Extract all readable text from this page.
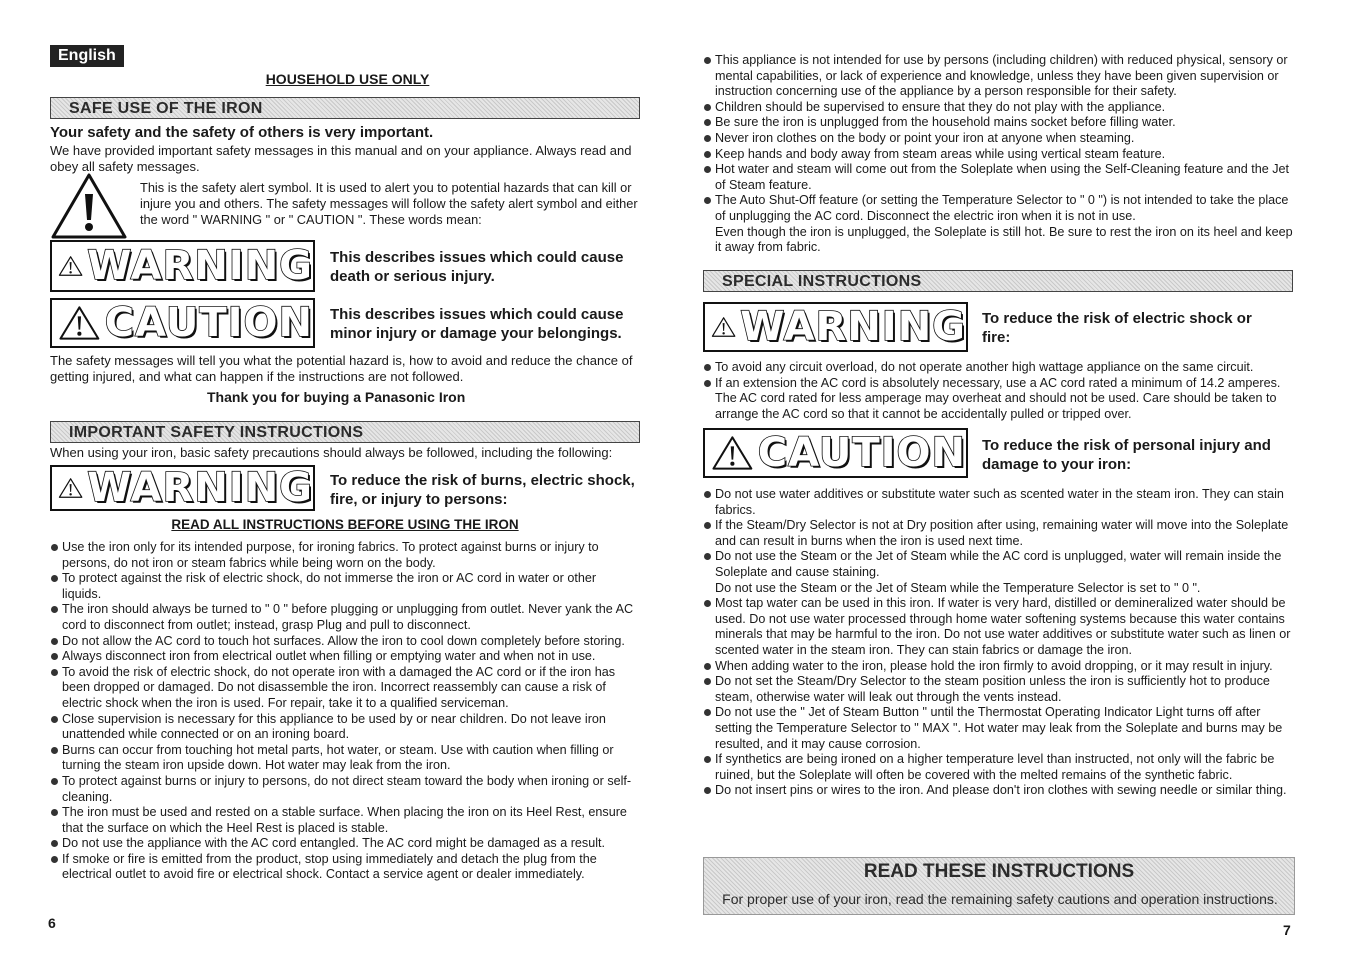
English
HOUSEHOLD USE ONLY
SAFE USE OF THE IRON
Your safety and the safety of others is very important.
We have provided important safety messages in this manual and on your appliance. Always read and obey all safety messages.
This is the safety alert symbol. It is used to alert you to potential hazards that can kill or injure you and others. The safety messages will follow the safety alert symbol and either the word " WARNING " or " CAUTION ". These words mean:
WARNING This describes issues which could cause death or serious injury.
CAUTION This describes issues which could cause minor injury or damage your belongings.
The safety messages will tell you what the potential hazard is, how to avoid and reduce the chance of getting injured, and what can happen if the instructions are not followed.
Thank you for buying a Panasonic Iron
IMPORTANT SAFETY INSTRUCTIONS
When using your iron, basic safety precautions should always be followed, including the following:
WARNING To reduce the risk of burns, electric shock, fire, or injury to persons:
READ ALL INSTRUCTIONS BEFORE USING THE IRON
Use the iron only for its intended purpose, for ironing fabrics. To protect against burns or injury to persons, do not iron or steam fabrics while being worn on the body.
To protect against the risk of electric shock, do not immerse the iron or AC cord in water or other liquids.
The iron should always be turned to " 0 " before plugging or unplugging from outlet. Never yank the AC cord to disconnect from outlet; instead, grasp Plug and pull to disconnect.
Do not allow the AC cord to touch hot surfaces. Allow the iron to cool down completely before storing.
Always disconnect iron from electrical outlet when filling or emptying water and when not in use.
To avoid the risk of electric shock, do not operate iron with a damaged the AC cord or if the iron has been dropped or damaged. Do not disassemble the iron. Incorrect reassembly can cause a risk of electric shock when the iron is used. For repair, take it to a qualified serviceman.
Close supervision is necessary for this appliance to be used by or near children. Do not leave iron unattended while connected or on an ironing board.
Burns can occur from touching hot metal parts, hot water, or steam. Use with caution when filling or turning the steam iron upside down. Hot water may leak from the iron.
To protect against burns or injury to persons, do not direct steam toward the body when ironing or self-cleaning.
The iron must be used and rested on a stable surface. When placing the iron on its Heel Rest, ensure that the surface on which the Heel Rest is placed is stable.
Do not use the appliance with the AC cord entangled. The AC cord might be damaged as a result.
If smoke or fire is emitted from the product, stop using immediately and detach the plug from the electrical outlet to avoid fire or electrical shock. Contact a service agent or dealer immediately.
6
This appliance is not intended for use by persons (including children) with reduced physical, sensory or mental capabilities, or lack of experience and knowledge, unless they have been given supervision or instruction concerning use of the appliance by a person responsible for their safety.
Children should be supervised to ensure that they do not play with the appliance.
Be sure the iron is unplugged from the household mains socket before filling water.
Never iron clothes on the body or point your iron at anyone when steaming.
Keep hands and body away from steam areas while using vertical steam feature.
Hot water and steam will come out from the Soleplate when using the Self-Cleaning feature and the Jet of Steam feature.
The Auto Shut-Off feature (or setting the Temperature Selector to " 0 ") is not intended to take the place of unplugging the AC cord. Disconnect the electric iron when it is not in use.
Even though the iron is unplugged, the Soleplate is still hot. Be sure to rest the iron on its heel and keep it away from fabric.
SPECIAL INSTRUCTIONS
WARNING To reduce the risk of electric shock or fire:
To avoid any circuit overload, do not operate another high wattage appliance on the same circuit.
If an extension the AC cord is absolutely necessary, use a AC cord rated a minimum of 14.2 amperes. The AC cord rated for less amperage may overheat and should not be used. Care should be taken to arrange the AC cord so that it cannot be accidentally pulled or tripped over.
CAUTION To reduce the risk of personal injury and damage to your iron:
Do not use water additives or substitute water such as scented water in the steam iron. They can stain fabrics.
If the Steam/Dry Selector is not at Dry position after using, remaining water will move into the Soleplate and can result in burns when the iron is used next time.
Do not use the Steam or the Jet of Steam while the AC cord is unplugged, water will remain inside the Soleplate and cause staining.
Do not use the Steam or the Jet of Steam while the Temperature Selector is set to " 0 ".
Most tap water can be used in this iron. If water is very hard, distilled or demineralized water should be used. Do not use water processed through home water softening systems because this water contains minerals that may be harmful to the iron. Do not use water additives or substitute water such as linen or scented water in the steam iron. They can stain fabrics or damage the iron.
When adding water to the iron, please hold the iron firmly to avoid dropping, or it may result in injury.
Do not set the Steam/Dry Selector to the steam position unless the iron is sufficiently hot to produce steam, otherwise water will leak out through the vents instead.
Do not use the " Jet of Steam Button " until the Thermostat Operating Indicator Light turns off after setting the Temperature Selector to " MAX ". Hot water may leak from the Soleplate and burns may be resulted, and it may cause corrosion.
If synthetics are being ironed on a higher temperature level than instructed, not only will the fabric be ruined, but the Soleplate will often be covered with the melted remains of the synthetic fabric.
Do not insert pins or wires to the iron. And please don't iron clothes with sewing needle or similar thing.
READ THESE INSTRUCTIONS
For proper use of your iron, read the remaining safety cautions and operation instructions.
7
